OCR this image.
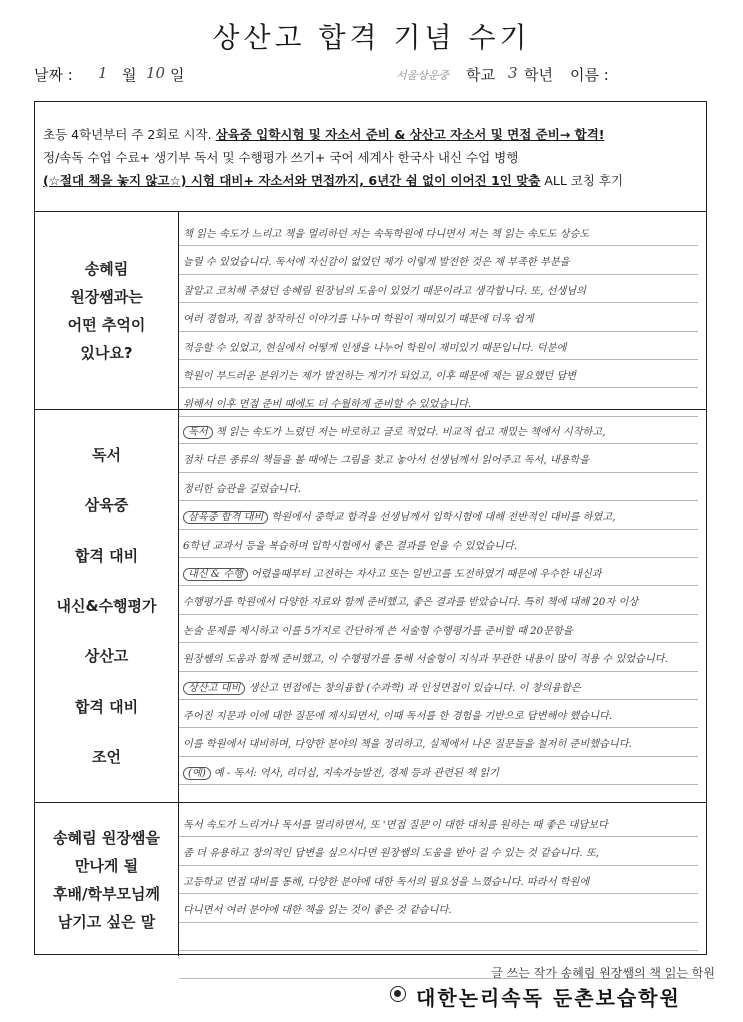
상산고 합격 기념 수기
날짜 : 1 월 10 일	서울상운중 학교 3 학년 이름 :
초등 4학년부터 주 2회로 시작. 삼육중 입학시험 및 자소서 준비 & 상산고 자소서 및 면접 준비→ 합격!
정/속독 수업 수료+ 생기부 독서 및 수행평가 쓰기+ 국어 세계사 한국사 내신 수업 병행
(☆절대 책을 놓지 않고☆) 시험 대비+ 자소서와 면접까지, 6년간 쉼 없이 이어진 1인 맞춤 ALL 코칭 후기
송혜림
원장쌤과는
어떤 추억이
있나요?
책 읽는 속도가 느리고 책을 멀리하던 저는 속독학원에 다니면서 저는 책 읽는 속도도 상승도
늘릴 수 있었습니다. 독서에 자신감이 없었던 제가 이렇게 발전한 것은 제 부족한 부분을
잘알고 코치해 주셨던 송혜림 원장님의 도움이 있었기 때문이라고 생각합니다. 또, 선생님의
여러 경험과, 직접 창작하신 이야기를 나누며 학원이 재미있기 때문에 더욱 쉽게
적응할 수 있었고, 현실에서 어떻게 인생을 나누어 학원이 재미있기 때문입니다. 덕분에
학원이 부드러운 분위기는 제가 발전하는 계기가 되었고, 이후 때문에 제는 필요했던 답변
위해서 이후 면접 준비 때에도 더 수월하게 준비할 수 있었습니다.
독서
삼육중
합격 대비
내신&수행평가
상산고
합격 대비
조언
독서 책 읽는 속도가 느렸던 저는 바로하고 글로 적었다. 비교적 쉽고 재밌는 책에서 시작하고,
점차 다른 종류의 책들을 볼 때에는 그림을 찾고 놓아서 선생님께서 읽어주고 독서, 내용학을
정리한 습관을 길렀습니다.
삼육중 합격 대비 학원에서 중학교 합격을 선생님께서 입학시험에 대해 전반적인 대비를 하였고,
6학년 교과서 등을 복습하며 입학시험에서 좋은 결과를 얻을 수 있었습니다.
내신 & 수행 어렸을때부터 고전하는 자사고 또는 일반고를 도전하였기 때문에 우수한 내신과
수행평가를 학원에서 다양한 자료와 함께 준비했고, 좋은 결과를 받았습니다. 특히 책에 대해 20자 이상
논술 문제를 제시하고 이를 5가지로 간단하게 쓴 서술형 수행평가를 준비할 때 20문항을
원장쌤의 도움과 함께 준비했고, 이 수행평가를 통해 서술형이 지식과 무관한 내용이 많이 적용 수 있었습니다.
상산고 대비 생산고 면접에는 창의융합 (수과학) 과 인성면접이 있습니다. 이 창의융합은
주어진 지문과 이에 대한 질문에 제시되면서, 이때 독서를 한 경험을 기반으로 답변해야 했습니다.
이를 학원에서 대비하며, 다양한 분야의 책을 정리하고, 실제에서 나온 질문들을 철저히 준비했습니다.
(예) 예 - 독서: 역사, 리더십, 지속가능발전, 경제 등과 관련된 책 읽기
송혜림 원장쌤을
만나게 될
후배/학부모님께
남기고 싶은 말
독서 속도가 느리거나 독서를 멀리하면서, 또 '면접 질문'이 대한 대처를 원하는 때 좋은 대답보다
좀 더 유용하고 창의적인 답변을 싶으시다면 원장쌤의 도움을 받아 길 수 있는 것 같습니다. 또,
고등학교 면접 대비를 통해, 다양한 분야에 대한 독서의 필요성을 느꼈습니다. 따라서 학원에
다니면서 여러 분야에 대한 책을 읽는 것이 좋은 것 같습니다.
글 쓰는 작가 송혜림 원장쌤의 책 읽는 학원
대한논리속독 둔촌보습학원
